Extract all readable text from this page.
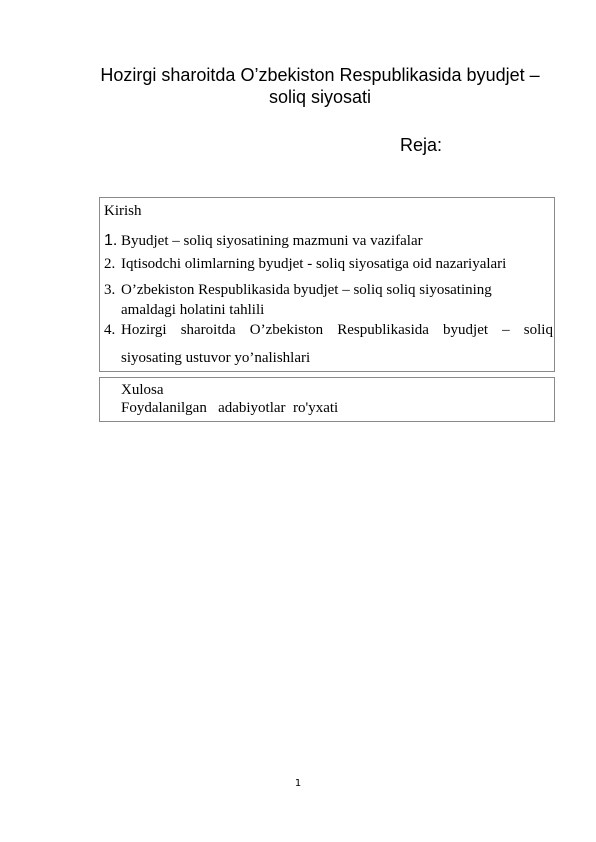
Hozirgi sharoitda O’zbekiston Respublikasida byudjet –
soliq siyosati
Reja:
Kirish
1. Byudjet – soliq siyosatining mazmuni va vazifalar
2. Iqtisodchi olimlarning byudjet - soliq siyosatiga oid nazariyalari
3. O’zbekiston Respublikasida byudjet – soliq soliq siyosatining
amaldagi holatini tahlili
4. Hozirgi sharoitda O’zbekiston Respublikasida byudjet – soliq
siyosating ustuvor yo’nalishlari
Xulosa
Foydalanilgan   adabiyotlar  ro'yxati
1
